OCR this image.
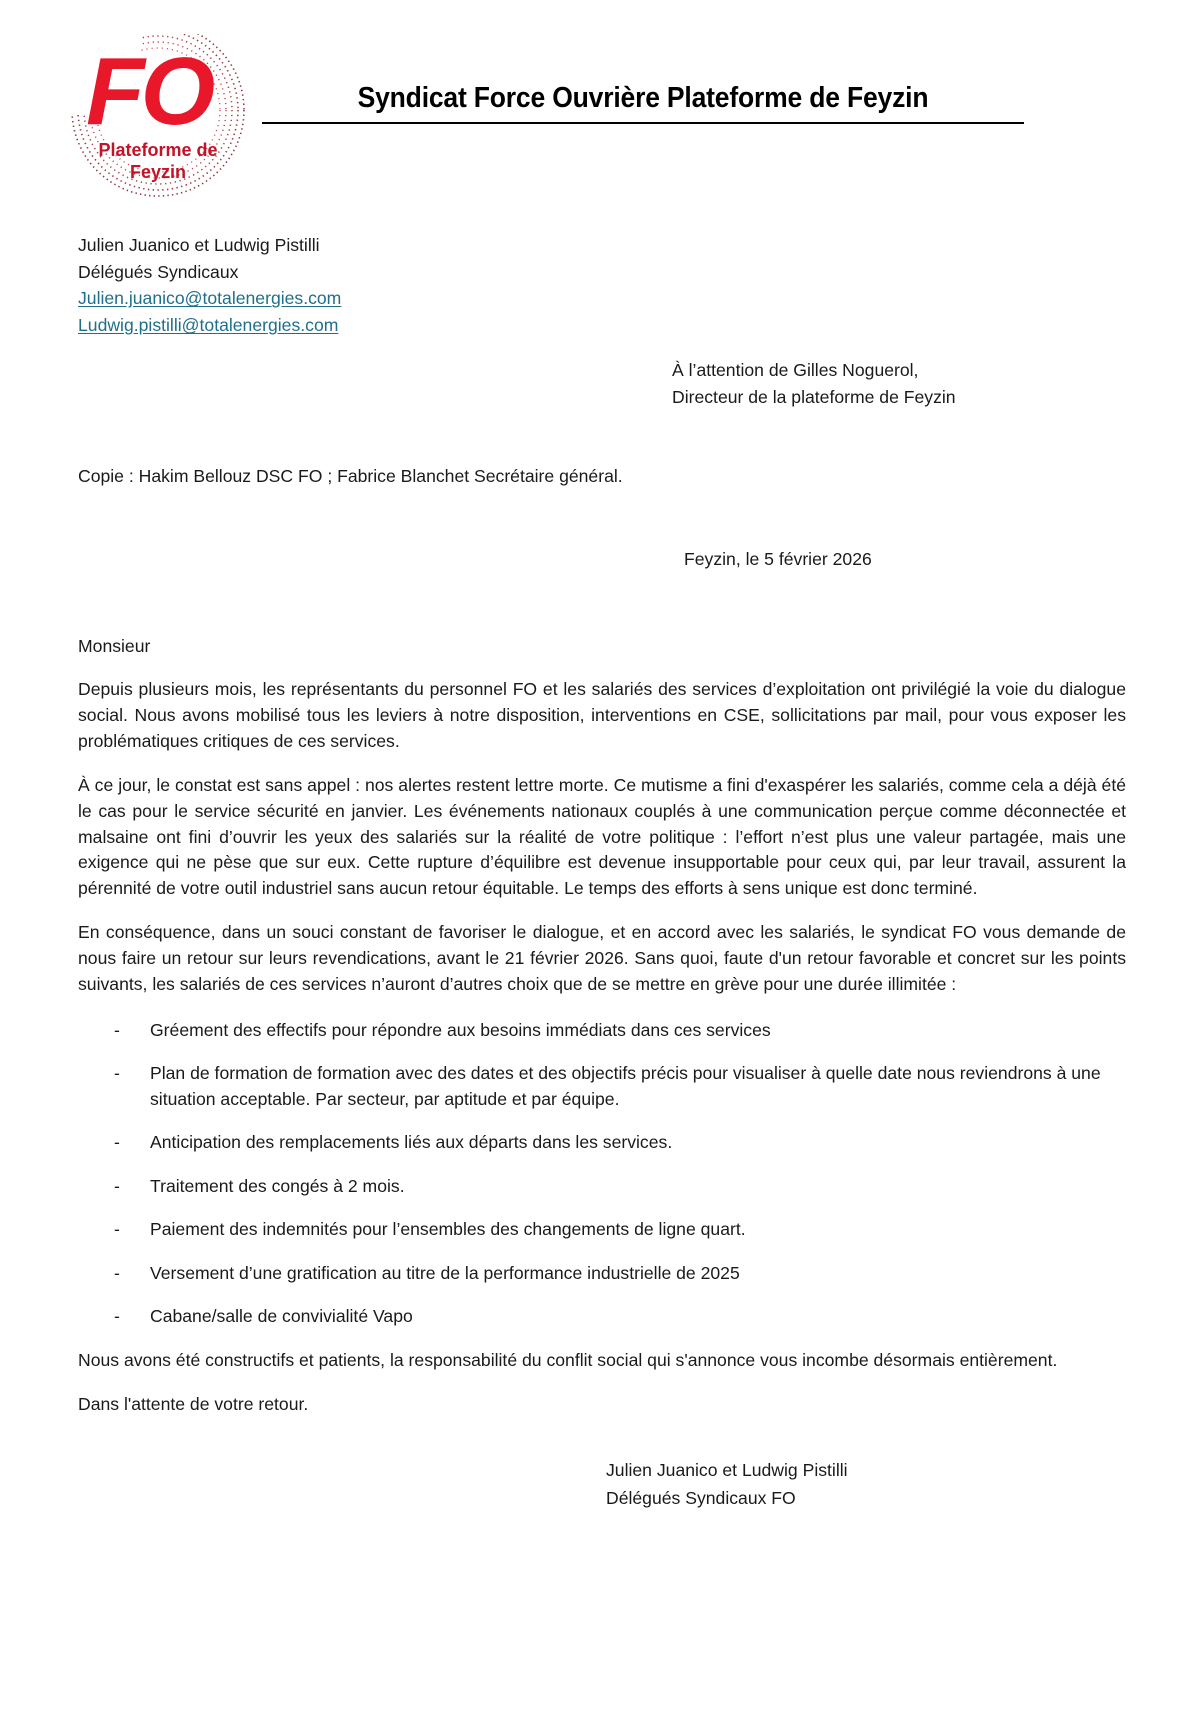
FO
Plateforme de
Feyzin
Syndicat Force Ouvrière Plateforme de Feyzin
Julien Juanico et Ludwig Pistilli
Délégués Syndicaux
Julien.juanico@totalenergies.com
Ludwig.pistilli@totalenergies.com
À l’attention de Gilles Noguerol,
Directeur de la plateforme de Feyzin
Copie : Hakim Bellouz DSC FO ; Fabrice Blanchet Secrétaire général.
Feyzin, le 5 février 2026
Monsieur

Depuis plusieurs mois, les représentants du personnel FO et les salariés des services d’exploitation ont privilégié la voie du dialogue social. Nous avons mobilisé tous les leviers à notre disposition, interventions en CSE, sollicitations par mail, pour vous exposer les problématiques critiques de ces services.

À ce jour, le constat est sans appel : nos alertes restent lettre morte. Ce mutisme a fini d'exaspérer les salariés, comme cela a déjà été le cas pour le service sécurité en janvier. Les événements nationaux couplés à une communication perçue comme déconnectée et malsaine ont fini d’ouvrir les yeux des salariés sur la réalité de votre politique : l’effort n’est plus une valeur partagée, mais une exigence qui ne pèse que sur eux. Cette rupture d’équilibre est devenue insupportable pour ceux qui, par leur travail, assurent la pérennité de votre outil industriel sans aucun retour équitable. Le temps des efforts à sens unique est donc terminé.

En conséquence, dans un souci constant de favoriser le dialogue, et en accord avec les salariés, le syndicat FO vous demande de nous faire un retour sur leurs revendications, avant le 21 février 2026. Sans quoi, faute d'un retour favorable et concret sur les points suivants, les salariés de ces services n’auront d’autres choix que de se mettre en grève pour une durée illimitée :

- Gréement des effectifs pour répondre aux besoins immédiats dans ces services
- Plan de formation de formation avec des dates et des objectifs précis pour visualiser à quelle date nous reviendrons à une situation acceptable. Par secteur, par aptitude et par équipe.
- Anticipation des remplacements liés aux départs dans les services.
- Traitement des congés à 2 mois.
- Paiement des indemnités pour l’ensembles des changements de ligne quart.
- Versement d’une gratification au titre de la performance industrielle de 2025
- Cabane/salle de convivialité Vapo

Nous avons été constructifs et patients, la responsabilité du conflit social qui s'annonce vous incombe désormais entièrement.

Dans l'attente de votre retour.

Julien Juanico et Ludwig Pistilli
Délégués Syndicaux FO
